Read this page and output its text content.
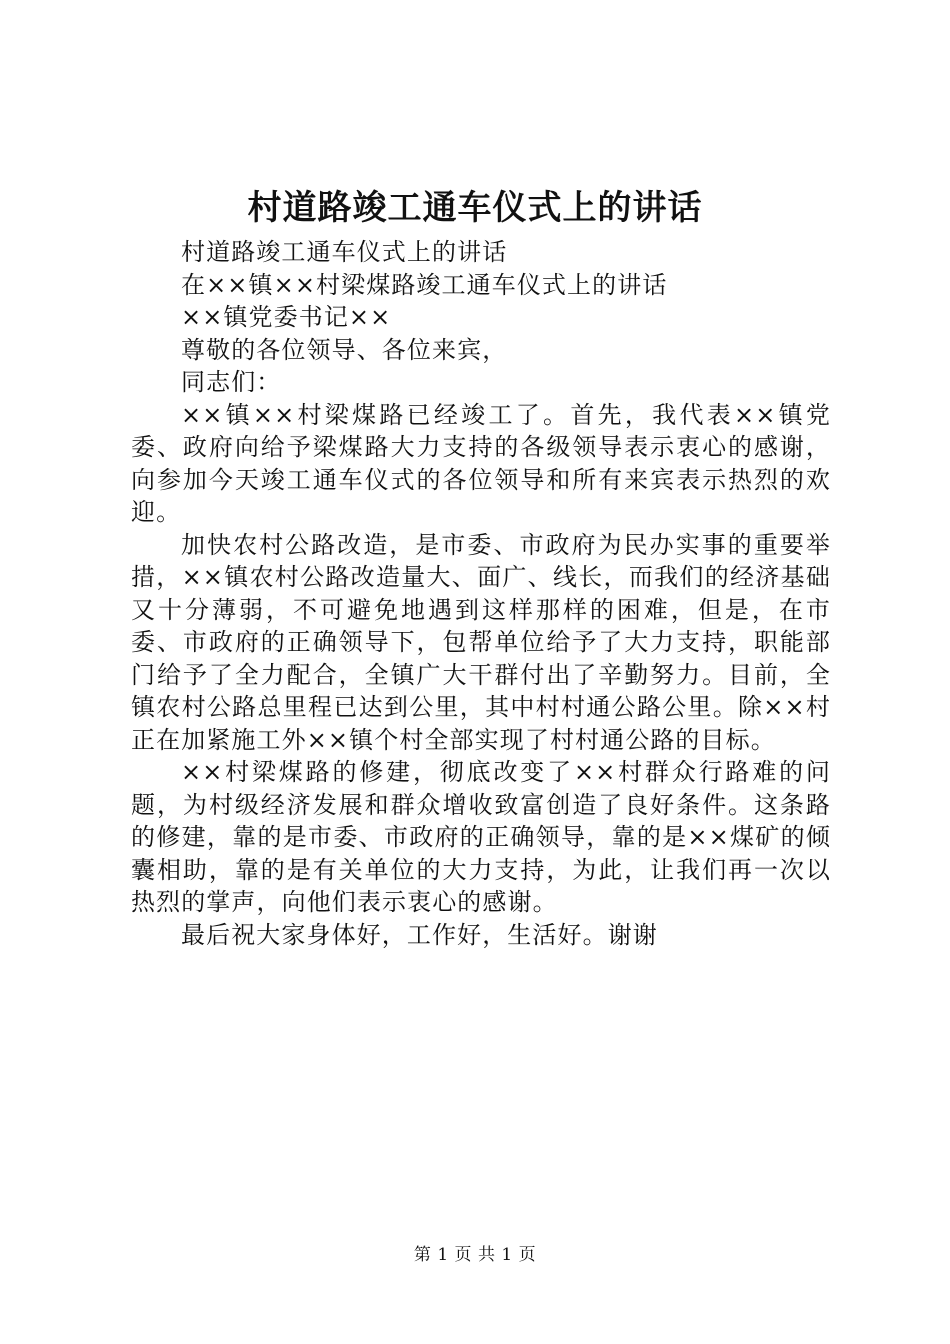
村道路竣工通车仪式上的讲话

村道路竣工通车仪式上的讲话

在××镇××村梁煤路竣工通车仪式上的讲话

××镇党委书记××

尊敬的各位领导、各位来宾，

同志们：

××镇××村梁煤路已经竣工了。首先，我代表××镇党委、政府向给予梁煤路大力支持的各级领导表示衷心的感谢，向参加今天竣工通车仪式的各位领导和所有来宾表示热烈的欢迎。

加快农村公路改造，是市委、市政府为民办实事的重要举措，××镇农村公路改造量大、面广、线长，而我们的经济基础又十分薄弱，不可避免地遇到这样那样的困难，但是，在市委、市政府的正确领导下，包帮单位给予了大力支持，职能部门给予了全力配合，全镇广大干群付出了辛勤努力。目前，全镇农村公路总里程已达到公里，其中村村通公路公里。除××村正在加紧施工外××镇个村全部实现了村村通公路的目标。

××村梁煤路的修建，彻底改变了××村群众行路难的问题，为村级经济发展和群众增收致富创造了良好条件。这条路的修建，靠的是市委、市政府的正确领导，靠的是××煤矿的倾囊相助，靠的是有关单位的大力支持，为此，让我们再一次以热烈的掌声，向他们表示衷心的感谢。

最后祝大家身体好，工作好，生活好。谢谢

第 1 页 共 1 页
